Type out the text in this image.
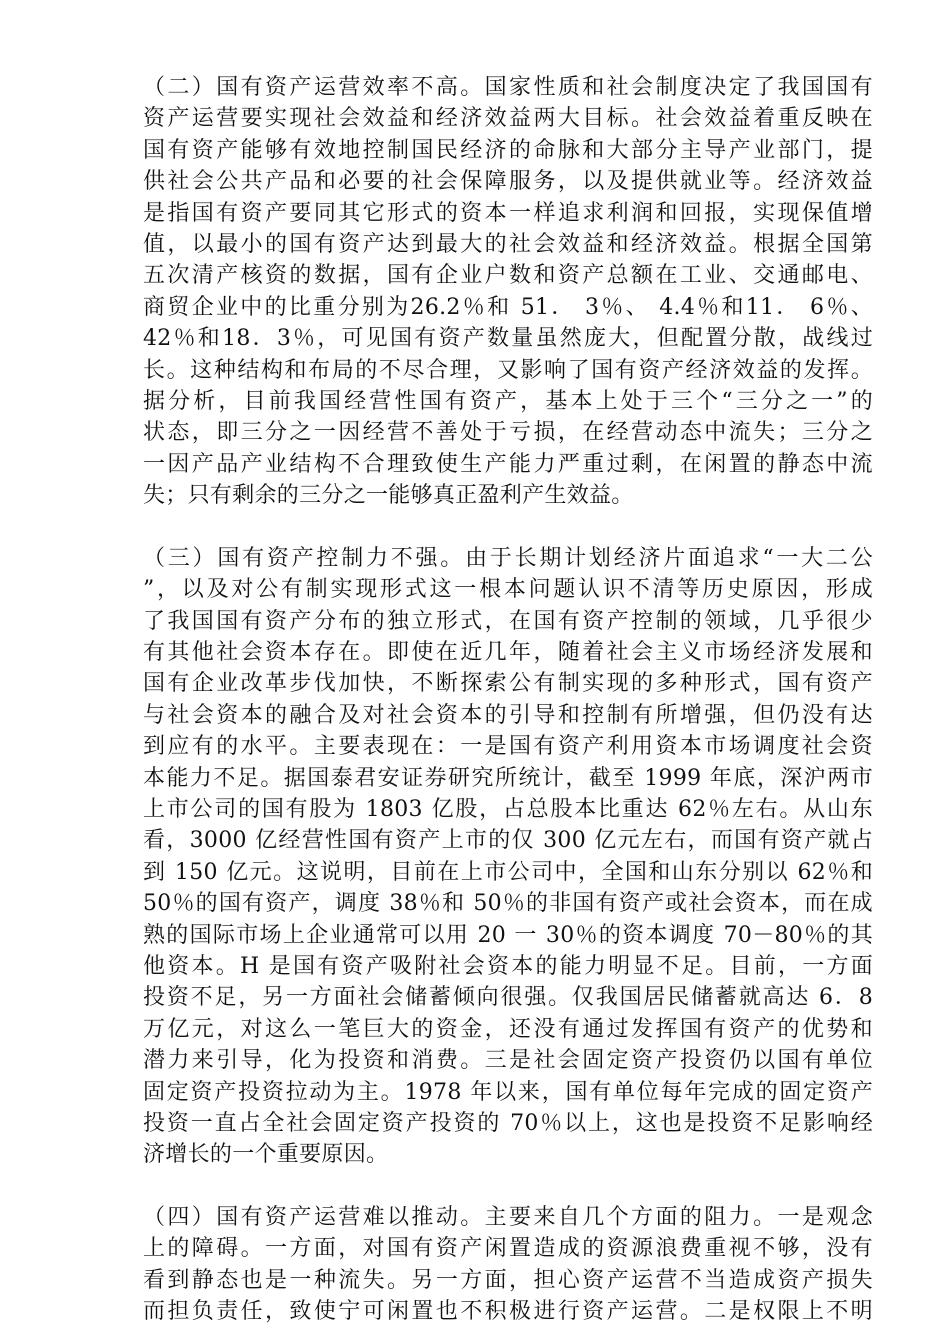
（二）国有资产运营效率不高。国家性质和社会制度决定了我国国有
资产运营要实现社会效益和经济效益两大目标。社会效益着重反映在
国有资产能够有效地控制国民经济的命脉和大部分主导产业部门，提
供社会公共产品和必要的社会保障服务，以及提供就业等。经济效益
是指国有资产要同其它形式的资本一样追求利润和回报，实现保值增
值，以最小的国有资产达到最大的社会效益和经济效益。根据全国第
五次清产核资的数据，国有企业户数和资产总额在工业、交通邮电、
商贸企业中的比重分别为26.2％和 51． 3％、 4.4％和11． 6％、
42％和18．3％，可见国有资产数量虽然庞大，但配置分散，战线过
长。这种结构和布局的不尽合理，又影响了国有资产经济效益的发挥。
据分析，目前我国经营性国有资产，基本上处于三个“三分之一”的
状态，即三分之一因经营不善处于亏损，在经营动态中流失；三分之
一因产品产业结构不合理致使生产能力严重过剩，在闲置的静态中流
失；只有剩余的三分之一能够真正盈利产生效益。
（三）国有资产控制力不强。由于长期计划经济片面追求“一大二公
”，以及对公有制实现形式这一根本问题认识不清等历史原因，形成
了我国国有资产分布的独立形式，在国有资产控制的领域，几乎很少
有其他社会资本存在。即使在近几年，随着社会主义市场经济发展和
国有企业改革步伐加快，不断探索公有制实现的多种形式，国有资产
与社会资本的融合及对社会资本的引导和控制有所增强，但仍没有达
到应有的水平。主要表现在：一是国有资产利用资本市场调度社会资
本能力不足。据国泰君安证券研究所统计，截至 1999 年底，深沪两市
上市公司的国有股为 1803 亿股，占总股本比重达 62％左右。从山东
看，3000 亿经营性国有资产上市的仅 300 亿元左右，而国有资产就占
到 150 亿元。这说明，目前在上市公司中，全国和山东分别以 62％和
50％的国有资产，调度 38％和 50％的非国有资产或社会资本，而在成
熟的国际市场上企业通常可以用 20 一 30％的资本调度 70－80％的其
他资本。H 是国有资产吸附社会资本的能力明显不足。目前，一方面
投资不足，另一方面社会储蓄倾向很强。仅我国居民储蓄就高达 6．8
万亿元，对这么一笔巨大的资金，还没有通过发挥国有资产的优势和
潜力来引导，化为投资和消费。三是社会固定资产投资仍以国有单位
固定资产投资拉动为主。1978 年以来，国有单位每年完成的固定资产
投资一直占全社会固定资产投资的 70％以上，这也是投资不足影响经
济增长的一个重要原因。
（四）国有资产运营难以推动。主要来自几个方面的阻力。一是观念
上的障碍。一方面，对国有资产闲置造成的资源浪费重视不够，没有
看到静态也是一种流失。另一方面，担心资产运营不当造成资产损失
而担负责任，致使宁可闲置也不积极进行资产运营。二是权限上不明
